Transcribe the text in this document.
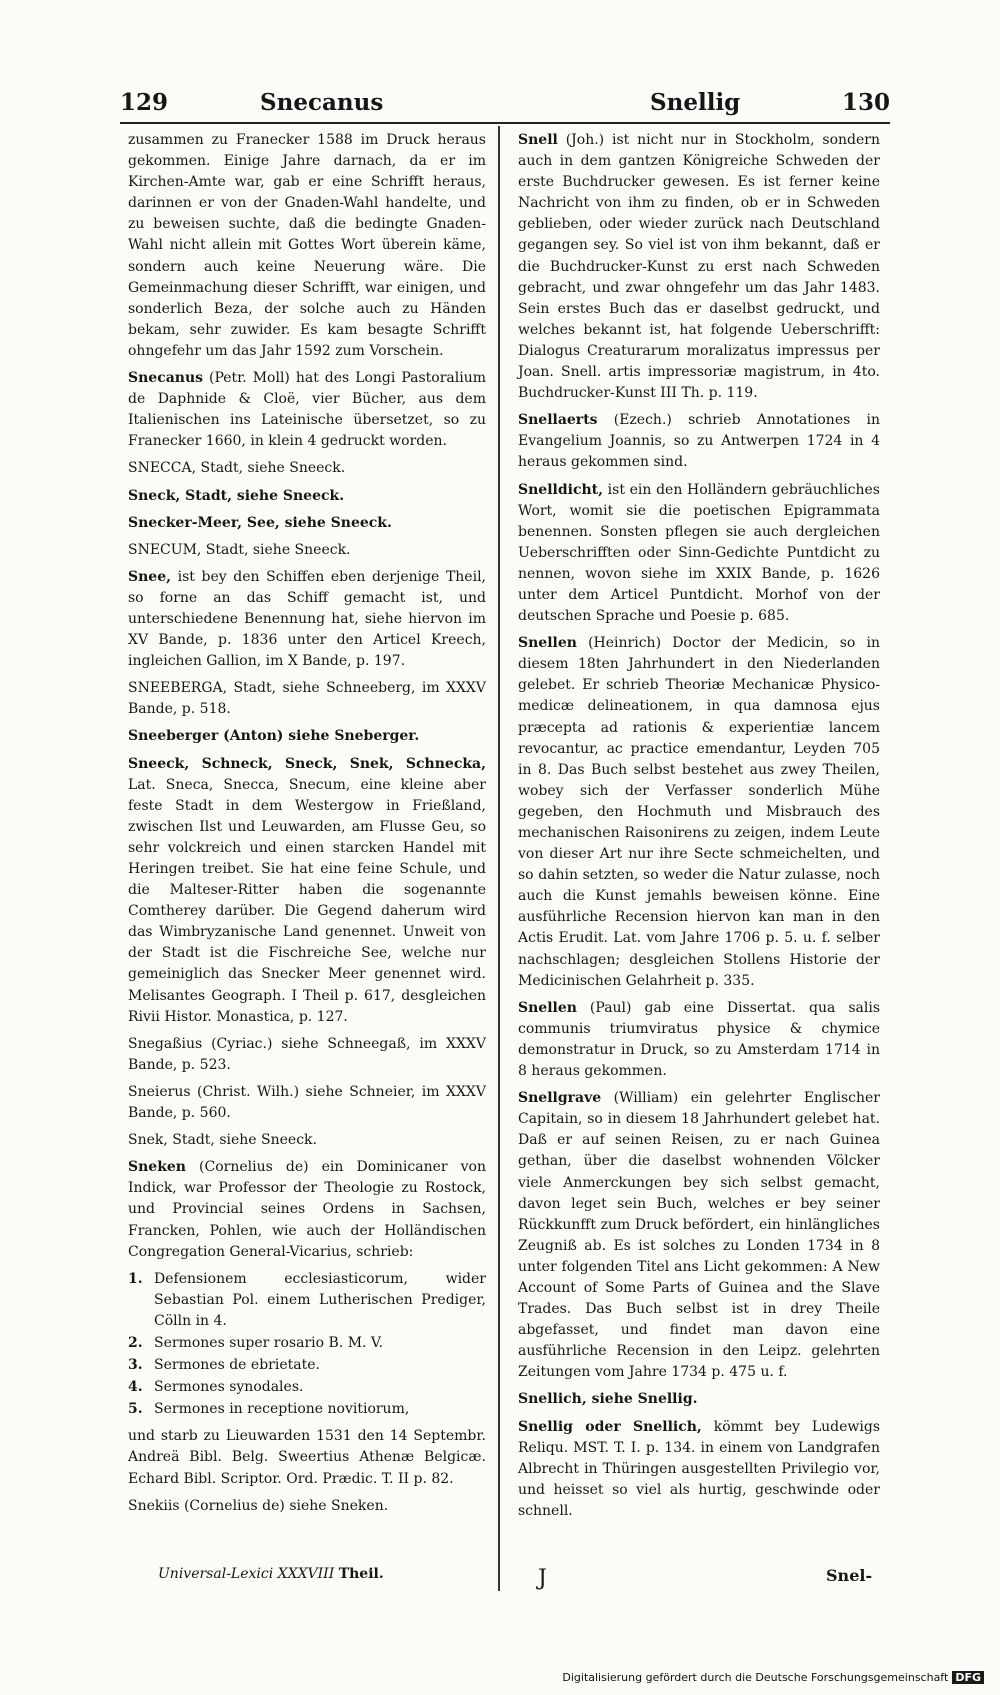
129	Snecanus	Snellig	130

zusammen zu Franecker 1588 im Druck heraus gekommen. Einige Jahre darnach, da er im Kirchen-Amte war, gab er eine Schrifft heraus, darinnen er von der Gnaden-Wahl handelte, und zu beweisen suchte, daß die bedingte Gnaden-Wahl nicht allein mit Gottes Wort überein käme, sondern auch keine Neuerung wäre. Die Gemeinmachung dieser Schrifft, war einigen, und sonderlich Beza, der solche auch zu Händen bekam, sehr zuwider. Es kam besagte Schrifft ohngefehr um das Jahr 1592 zum Vorschein.

Snecanus (Petr. Moll) hat des Longi Pastoralium de Daphnide & Cloë, vier Bücher, aus dem Italienischen ins Lateinische übersetzet, so zu Franecker 1660, in klein 4 gedruckt worden.

SNECCA, Stadt, siehe Sneeck.

Sneck, Stadt, siehe Sneeck.

Snecker-Meer, See, siehe Sneeck.

SNECUM, Stadt, siehe Sneeck.

Snee, ist bey den Schiffen eben derjenige Theil, so forne an das Schiff gemacht ist, und unterschiedene Benennung hat, siehe hiervon im XV Bande, p. 1836 unter den Articel Kreech, ingleichen Gallion, im X Bande, p. 197.

SNEEBERGA, Stadt, siehe Schneeberg, im XXXV Bande, p. 518.

Sneeberger (Anton) siehe Sneberger.

Sneeck, Schneck, Sneck, Snek, Schnecka, Lat. Sneca, Snecca, Snecum, eine kleine aber feste Stadt in dem Westergow in Frießland, zwischen Ilst und Leuwarden, am Flusse Geu, so sehr volckreich und einen starcken Handel mit Heringen treibet. Sie hat eine feine Schule, und die Malteser-Ritter haben die sogenannte Comtherey darüber. Die Gegend daherum wird das Wimbryzanische Land genennet. Unweit von der Stadt ist die Fischreiche See, welche nur gemeiniglich das Snecker Meer genennet wird. Melisantes Geograph. I Theil p. 617, desgleichen Rivii Histor. Monastica, p. 127.

Snegaßius (Cyriac.) siehe Schneegaß, im XXXV Bande, p. 523.

Sneierus (Christ. Wilh.) siehe Schneier, im XXXV Bande, p. 560.

Snek, Stadt, siehe Sneeck.

Sneken (Cornelius de) ein Dominicaner von Indick, war Professor der Theologie zu Rostock, und Provincial seines Ordens in Sachsen, Francken, Pohlen, wie auch der Holländischen Congregation General-Vicarius, schrieb:

1. Defensionem ecclesiasticorum, wider Sebastian Pol. einem Lutherischen Prediger, Cölln in 4.
2. Sermones super rosario B. M. V.
3. Sermones de ebrietate.
4. Sermones synodales.
5. Sermones in receptione novitiorum,

und starb zu Lieuwarden 1531 den 14 Septembr. Andreä Bibl. Belg. Sweertius Athenæ Belgicæ. Echard Bibl. Scriptor. Ord. Prædic. T. II p. 82.

Snekiis (Cornelius de) siehe Sneken.

Snell (Joh.) ist nicht nur in Stockholm, sondern auch in dem gantzen Königreiche Schweden der erste Buchdrucker gewesen. Es ist ferner keine Nachricht von ihm zu finden, ob er in Schweden geblieben, oder wieder zurück nach Deutschland gegangen sey. So viel ist von ihm bekannt, daß er die Buchdrucker-Kunst zu erst nach Schweden gebracht, und zwar ohngefehr um das Jahr 1483. Sein erstes Buch das er daselbst gedruckt, und welches bekannt ist, hat folgende Ueberschrifft: Dialogus Creaturarum moralizatus impressus per Joan. Snell. artis impressoriæ magistrum, in 4to. Buchdrucker-Kunst III Th. p. 119.

Snellaerts (Ezech.) schrieb Annotationes in Evangelium Joannis, so zu Antwerpen 1724 in 4 heraus gekommen sind.

Snelldicht, ist ein den Holländern gebräuchliches Wort, womit sie die poetischen Epigrammata benennen. Sonsten pflegen sie auch dergleichen Ueberschrifften oder Sinn-Gedichte Puntdicht zu nennen, wovon siehe im XXIX Bande, p. 1626 unter dem Articel Puntdicht. Morhof von der deutschen Sprache und Poesie p. 685.

Snellen (Heinrich) Doctor der Medicin, so in diesem 18ten Jahrhundert in den Niederlanden gelebet. Er schrieb Theoriæ Mechanicæ Physico-medicæ delineationem, in qua damnosa ejus præcepta ad rationis & experientiæ lancem revocantur, ac practice emendantur, Leyden 705 in 8. Das Buch selbst bestehet aus zwey Theilen, wobey sich der Verfasser sonderlich Mühe gegeben, den Hochmuth und Misbrauch des mechanischen Raisonirens zu zeigen, indem Leute von dieser Art nur ihre Secte schmeichelten, und so dahin setzten, so weder die Natur zulasse, noch auch die Kunst jemahls beweisen könne. Eine ausführliche Recension hiervon kan man in den Actis Erudit. Lat. vom Jahre 1706 p. 5. u. f. selber nachschlagen; desgleichen Stollens Historie der Medicinischen Gelahrheit p. 335.

Snellen (Paul) gab eine Dissertat. qua salis communis triumviratus physice & chymice demonstratur in Druck, so zu Amsterdam 1714 in 8 heraus gekommen.

Snellgrave (William) ein gelehrter Englischer Capitain, so in diesem 18 Jahrhundert gelebet hat. Daß er auf seinen Reisen, zu er nach Guinea gethan, über die daselbst wohnenden Völcker viele Anmerckungen bey sich selbst gemacht, davon leget sein Buch, welches er bey seiner Rückkunfft zum Druck befördert, ein hinlängliches Zeugniß ab. Es ist solches zu Londen 1734 in 8 unter folgenden Titel ans Licht gekommen: A New Account of Some Parts of Guinea and the Slave Trades. Das Buch selbst ist in drey Theile abgefasset, und findet man davon eine ausführliche Recension in den Leipz. gelehrten Zeitungen vom Jahre 1734 p. 475 u. f.

Snellich, siehe Snellig.

Snellig oder Snellich, kömmt bey Ludewigs Reliqu. MST. T. I. p. 134. in einem von Landgrafen Albrecht in Thüringen ausgestellten Privilegio vor, und heisset so viel als hurtig, geschwinde oder schnell.

Universal-Lexici XXXVIII Theil.	J	Snel-
Digitalisierung gefördert durch die Deutsche Forschungsgemeinschaft DFG
